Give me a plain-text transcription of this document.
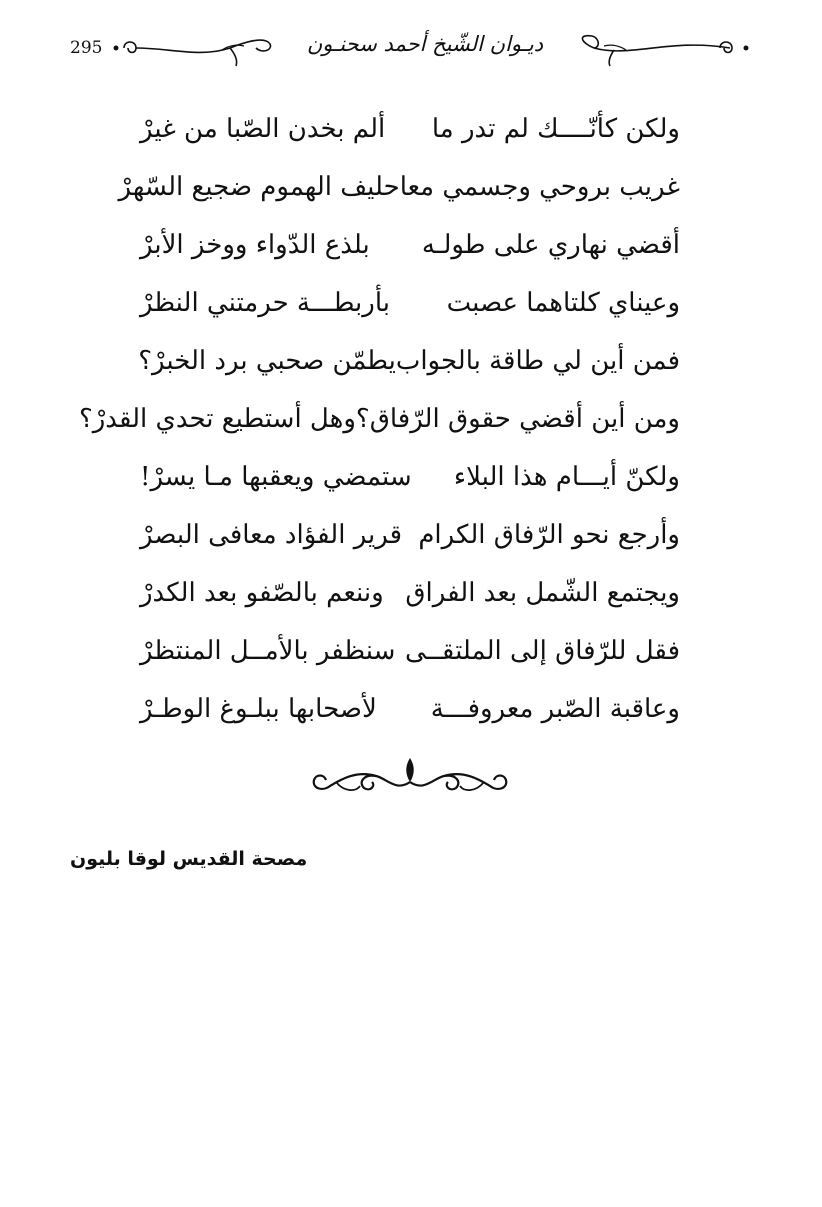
295	ديـوان الشّيخ أحمد سحنـون
ولكن كأنّــــك لم تدر ما
ألم بخدن الصّبا من غيرْ
غريب بروحي وجسمي معا
حليف الهموم ضجيع السّهرْ
أقضي نهاري على طولـه
بلذع الدّواء ووخز الأبرْ
وعيناي كلتاهما عصبت
بأربطـــة حرمتني النظرْ
فمن أين لي طاقة بالجواب
يطمّن صحبي برد الخبرْ؟
ومن أين أقضي حقوق الرّفاق؟
وهل أستطيع تحدي القدرْ؟
ولكنّ أيـــام هذا البلاء
ستمضي ويعقبها مـا يسرْ!
وأرجع نحو الرّفاق الكرام
قرير الفؤاد معافى البصرْ
ويجتمع الشّمل بعد الفراق
وننعم بالصّفو بعد الكدرْ
فقل للرّفاق إلى الملتقــى
سنظفر بالأمــل المنتظرْ
وعاقبة الصّبر معروفـــة
لأصحابها ببلـوغ الوطـرْ
مصحة القديس لوقا بليون
